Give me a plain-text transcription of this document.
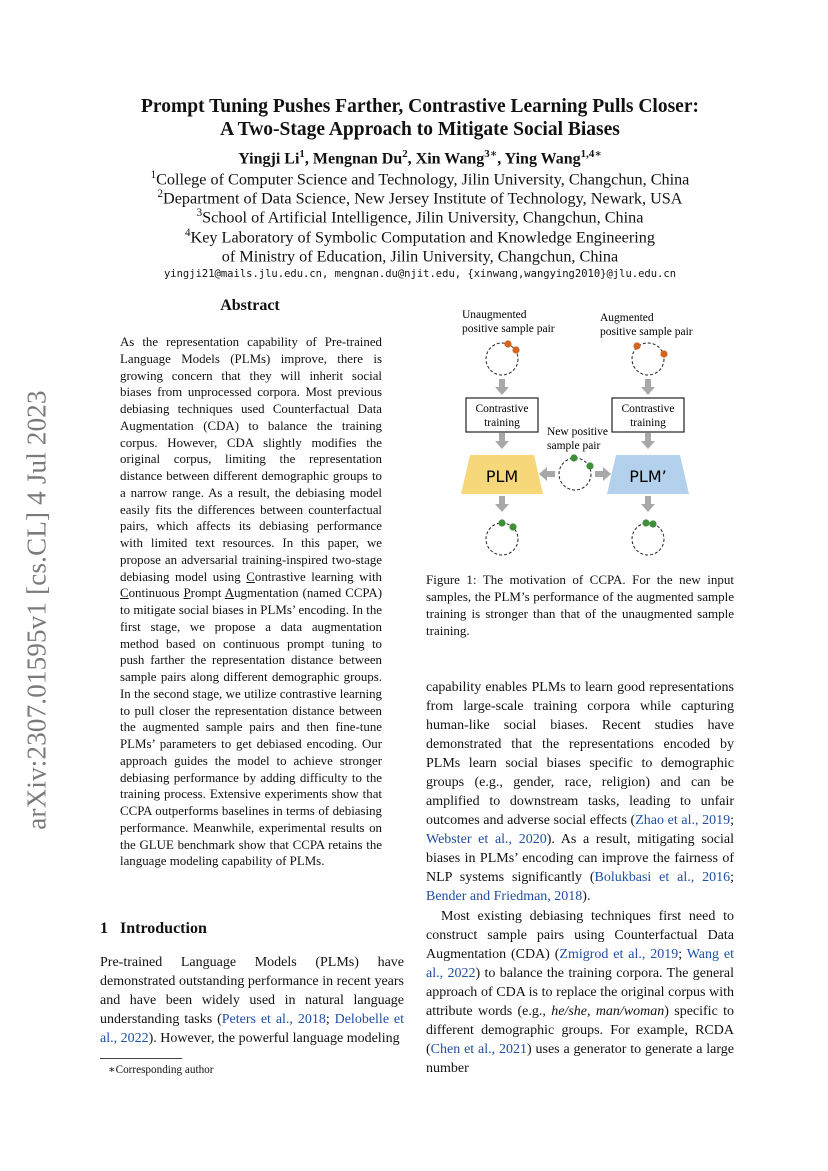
arXiv:2307.01595v1 [cs.CL] 4 Jul 2023
Prompt Tuning Pushes Farther, Contrastive Learning Pulls Closer:
A Two-Stage Approach to Mitigate Social Biases
Yingji Li$^1$, Mengnan Du$^2$, Xin Wang$^{3∗}$, Ying Wang$^{1,4∗}$
$^1$College of Computer Science and Technology, Jilin University, Changchun, China
$^2$Department of Data Science, New Jersey Institute of Technology, Newark, USA
$^3$School of Artificial Intelligence, Jilin University, Changchun, China
$^4$Key Laboratory of Symbolic Computation and Knowledge Engineering
of Ministry of Education, Jilin University, Changchun, China
yingji21@mails.jlu.edu.cn, mengnan.du@njit.edu, {xinwang,wangying2010}@jlu.edu.cn
Abstract
As the representation capability of Pre-trained Language Models (PLMs) improve, there is growing concern that they will inherit social biases from unprocessed corpora. Most previous debiasing techniques used Counterfactual Data Augmentation (CDA) to balance the training corpus. However, CDA slightly modifies the original corpus, limiting the representation distance between different demographic groups to a narrow range. As a result, the debiasing model easily fits the differences between counterfactual pairs, which affects its debiasing performance with limited text resources. In this paper, we propose an adversarial training-inspired two-stage debiasing model using Contrastive learning with Continuous Prompt Augmentation (named CCPA) to mitigate social biases in PLMs’ encoding. In the first stage, we propose a data augmentation method based on continuous prompt tuning to push farther the representation distance between sample pairs along different demographic groups. In the second stage, we utilize contrastive learning to pull closer the representation distance between the augmented sample pairs and then fine-tune PLMs’ parameters to get debiased encoding. Our approach guides the model to achieve stronger debiasing performance by adding difficulty to the training process. Extensive experiments show that CCPA outperforms baselines in terms of debiasing performance. Meanwhile, experimental results on the GLUE benchmark show that CCPA retains the language modeling capability of PLMs.
1 Introduction
Pre-trained Language Models (PLMs) have demonstrated outstanding performance in recent years and have been widely used in natural language understanding tasks (Peters et al., 2018; Delobelle et al., 2022). However, the powerful language modeling
∗Corresponding author
Unaugmented
positive sample pair
Augmented
positive sample pair
Contrastive
training
Contrastive
training
New positive
sample pair
PLM	PLM’
Figure 1: The motivation of CCPA. For the new input samples, the PLM’s performance of the augmented sample training is stronger than that of the unaugmented sample training.
capability enables PLMs to learn good representations from large-scale training corpora while capturing human-like social biases. Recent studies have demonstrated that the representations encoded by PLMs learn social biases specific to demographic groups (e.g., gender, race, religion) and can be amplified to downstream tasks, leading to unfair outcomes and adverse social effects (Zhao et al., 2019; Webster et al., 2020). As a result, mitigating social biases in PLMs’ encoding can improve the fairness of NLP systems significantly (Bolukbasi et al., 2016; Bender and Friedman, 2018).
Most existing debiasing techniques first need to construct sample pairs using Counterfactual Data Augmentation (CDA) (Zmigrod et al., 2019; Wang et al., 2022) to balance the training corpora. The general approach of CDA is to replace the original corpus with attribute words (e.g., he/she, man/woman) specific to different demographic groups. For example, RCDA (Chen et al., 2021) uses a generator to generate a large number
